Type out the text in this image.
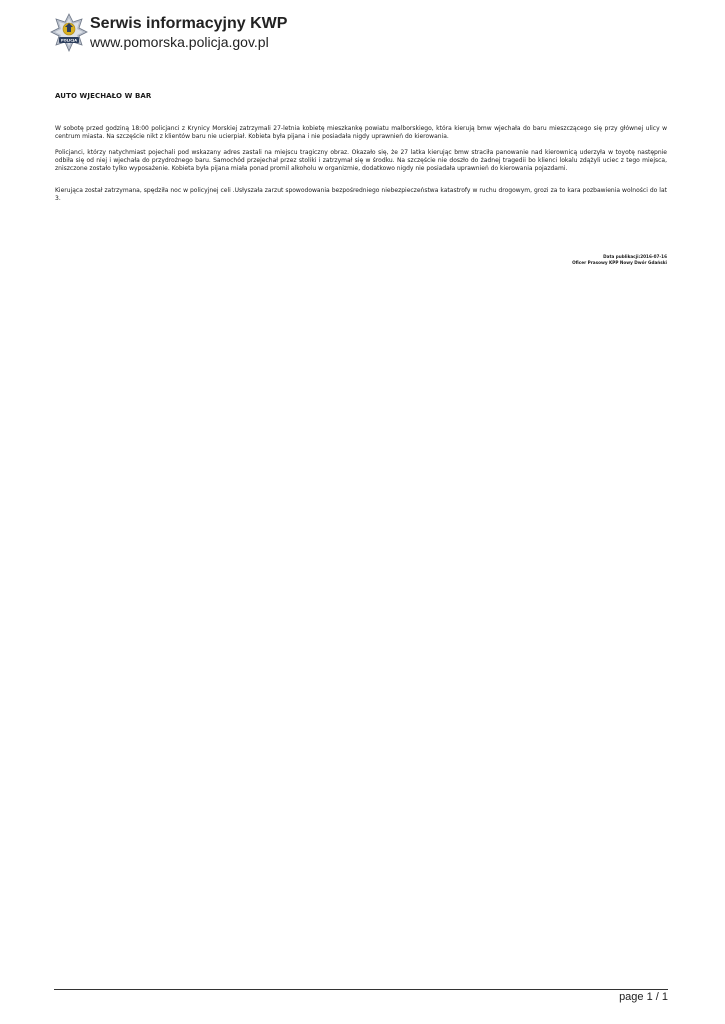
POLICJA
Serwis informacyjny KWP
www.pomorska.policja.gov.pl
AUTO WJECHAŁO W BAR

W sobotę przed godziną 18:00 policjanci z Krynicy Morskiej zatrzymali 27-letnia kobietę mieszkankę powiatu malborskiego, która kierują bmw wjechała do baru mieszczącego się przy głównej ulicy w centrum miasta. Na szczęście nikt z klientów baru nie ucierpiał. Kobieta była pijana i nie posiadała nigdy uprawnień do kierowania.

Policjanci, którzy natychmiast pojechali pod wskazany adres zastali na miejscu tragiczny obraz. Okazało się, że 27 latka kierując bmw straciła panowanie nad kierownicą uderzyła w toyotę następnie odbiła się od niej i wjechała do przydrożnego baru. Samochód przejechał przez stoliki i zatrzymał się w środku. Na szczęście nie doszło do żadnej tragedii bo klienci lokalu zdążyli uciec z tego miejsca, zniszczone zostało tylko wyposażenie. Kobieta była pijana miała ponad promil alkoholu w organizmie, dodatkowo nigdy nie posiadała uprawnień do kierowania pojazdami.

Kierująca został zatrzymana, spędziła noc w policyjnej celi .Usłyszała zarzut spowodowania bezpośredniego niebezpieczeństwa katastrofy w ruchu drogowym, grozi za to kara pozbawienia wolności do lat 3.

Data publikacji:2016-07-16
Oficer Prasowy KPP Nowy Dwór Gdański
page 1 / 1
